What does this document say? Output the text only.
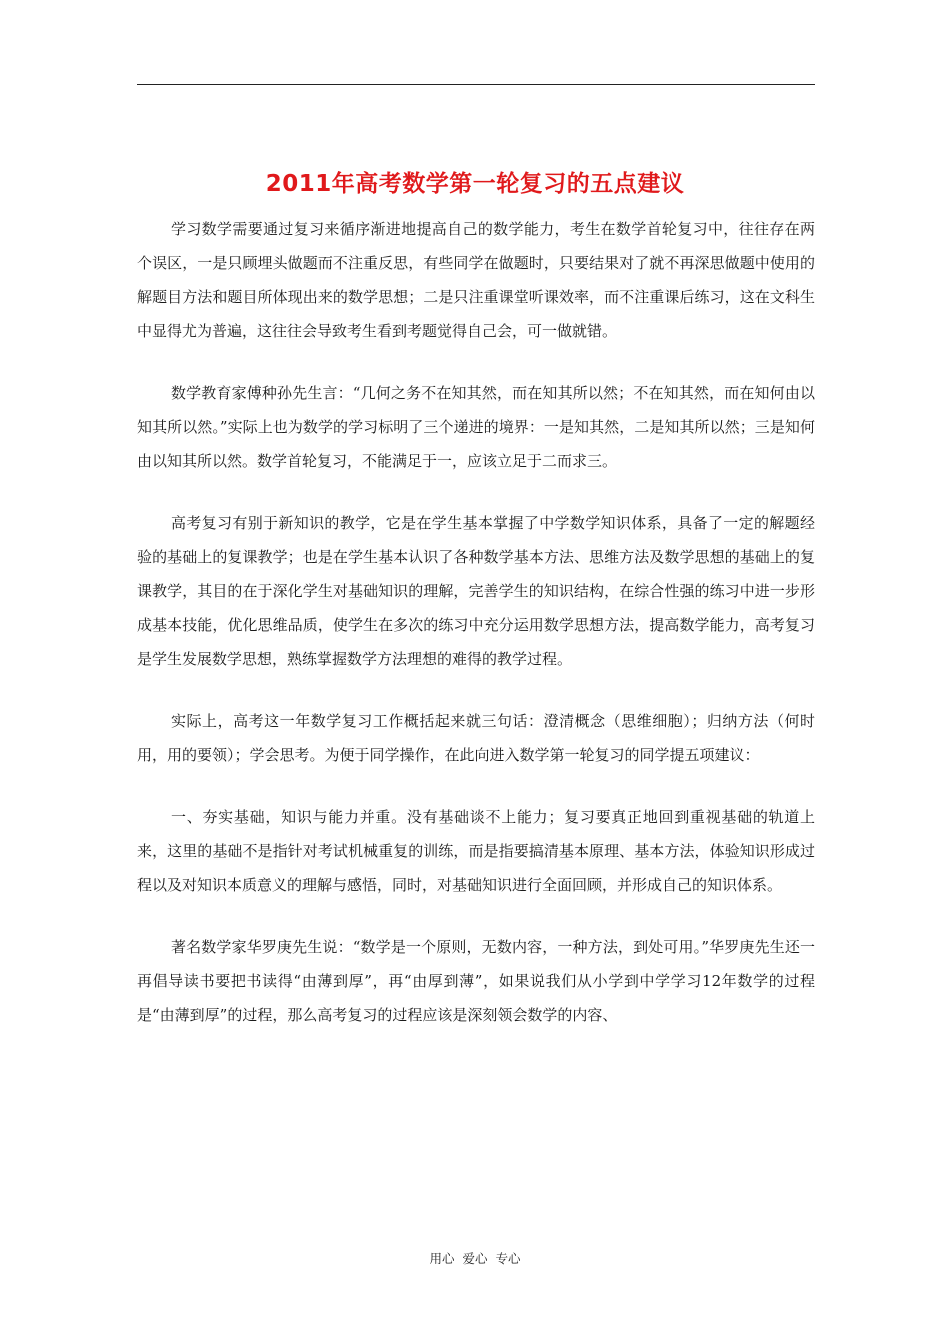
2011年高考数学第一轮复习的五点建议

学习数学需要通过复习来循序渐进地提高自己的数学能力，考生在数学首轮复习中，往往存在两个误区，一是只顾埋头做题而不注重反思，有些同学在做题时，只要结果对了就不再深思做题中使用的解题目方法和题目所体现出来的数学思想；二是只注重课堂听课效率，而不注重课后练习，这在文科生中显得尤为普遍，这往往会导致考生看到考题觉得自己会，可一做就错。

数学教育家傅种孙先生言：“几何之务不在知其然，而在知其所以然；不在知其然，而在知何由以知其所以然。”实际上也为数学的学习标明了三个递进的境界：一是知其然，二是知其所以然；三是知何由以知其所以然。数学首轮复习，不能满足于一，应该立足于二而求三。

高考复习有别于新知识的教学，它是在学生基本掌握了中学数学知识体系，具备了一定的解题经验的基础上的复课教学；也是在学生基本认识了各种数学基本方法、思维方法及数学思想的基础上的复课教学，其目的在于深化学生对基础知识的理解，完善学生的知识结构，在综合性强的练习中进一步形成基本技能，优化思维品质，使学生在多次的练习中充分运用数学思想方法，提高数学能力，高考复习是学生发展数学思想，熟练掌握数学方法理想的难得的教学过程。

实际上，高考这一年数学复习工作概括起来就三句话：澄清概念（思维细胞）；归纳方法（何时用，用的要领）；学会思考。为便于同学操作，在此向进入数学第一轮复习的同学提五项建议：

一、夯实基础，知识与能力并重。没有基础谈不上能力；复习要真正地回到重视基础的轨道上来，这里的基础不是指针对考试机械重复的训练，而是指要搞清基本原理、基本方法，体验知识形成过程以及对知识本质意义的理解与感悟，同时，对基础知识进行全面回顾，并形成自己的知识体系。

著名数学家华罗庚先生说：“数学是一个原则，无数内容，一种方法，到处可用。”华罗庚先生还一再倡导读书要把书读得“由薄到厚”，再“由厚到薄”，如果说我们从小学到中学学习12年数学的过程是“由薄到厚”的过程，那么高考复习的过程应该是深刻领会数学的内容、

用心 爱心 专心
